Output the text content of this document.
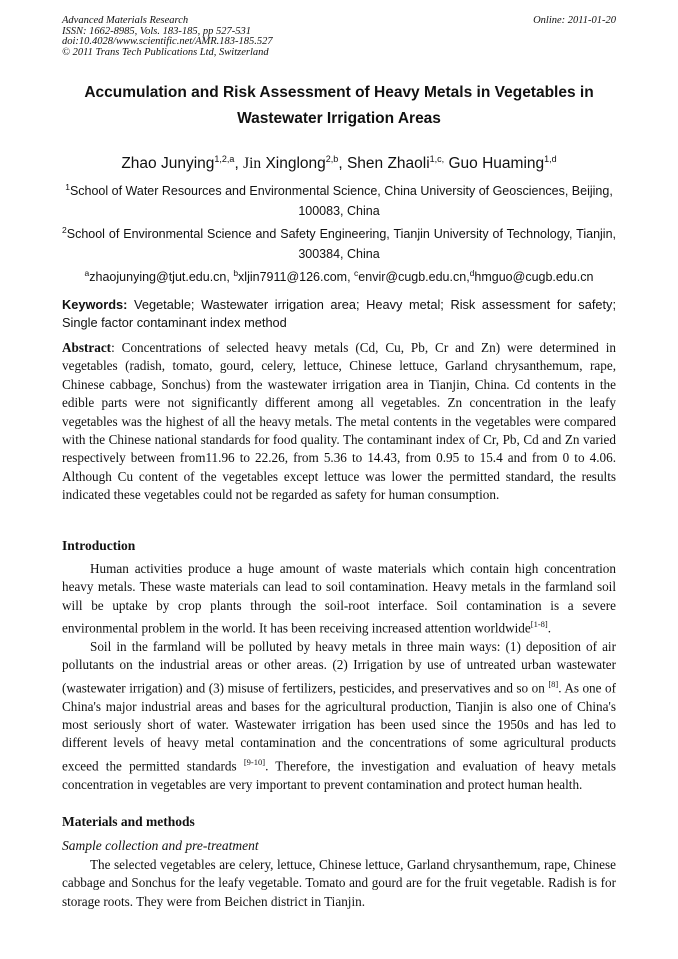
Advanced Materials Research
ISSN: 1662-8985, Vols. 183-185, pp 527-531
doi:10.4028/www.scientific.net/AMR.183-185.527
© 2011 Trans Tech Publications Ltd, Switzerland
Online: 2011-01-20
Accumulation and Risk Assessment of Heavy Metals in Vegetables in Wastewater Irrigation Areas
Zhao Junying$^{1,2,a}$, Jin Xinglong$^{2,b}$, Shen Zhaoli$^{1,c,}$ Guo Huaming$^{1,d}$
$^1$School of Water Resources and Environmental Science, China University of Geosciences, Beijing, 100083, China
$^2$School of Environmental Science and Safety Engineering, Tianjin University of Technology, Tianjin, 300384, China
$^a$zhaojunying@tjut.edu.cn, $^b$xljin7911@126.com, $^c$envir@cugb.edu.cn,$^d$hmguo@cugb.edu.cn
Keywords: Vegetable; Wastewater irrigation area; Heavy metal; Risk assessment for safety; Single factor contaminant index method
Abstract: Concentrations of selected heavy metals (Cd, Cu, Pb, Cr and Zn) were determined in vegetables (radish, tomato, gourd, celery, lettuce, Chinese lettuce, Garland chrysanthemum, rape, Chinese cabbage, Sonchus) from the wastewater irrigation area in Tianjin, China. Cd contents in the edible parts were not significantly different among all vegetables. Zn concentration in the leafy vegetables was the highest of all the heavy metals. The metal contents in the vegetables were compared with the Chinese national standards for food quality. The contaminant index of Cr, Pb, Cd and Zn varied respectively between from11.96 to 22.26, from 5.36 to 14.43, from 0.95 to 15.4 and from 0 to 4.06. Although Cu content of the vegetables except lettuce was lower the permitted standard, the results indicated these vegetables could not be regarded as safety for human consumption.
Introduction

Human activities produce a huge amount of waste materials which contain high concentration heavy metals. These waste materials can lead to soil contamination. Heavy metals in the farmland soil will be uptake by crop plants through the soil-root interface. Soil contamination is a severe environmental problem in the world. It has been receiving increased attention worldwide[1-8].

Soil in the farmland will be polluted by heavy metals in three main ways: (1) deposition of air pollutants on the industrial areas or other areas. (2) Irrigation by use of untreated urban wastewater (wastewater irrigation) and (3) misuse of fertilizers, pesticides, and preservatives and so on [8]. As one of China's major industrial areas and bases for the agricultural production, Tianjin is also one of China's most seriously short of water. Wastewater irrigation has been used since the 1950s and has led to different levels of heavy metal contamination and the concentrations of some agricultural products exceed the permitted standards [9-10]. Therefore, the investigation and evaluation of heavy metals concentration in vegetables are very important to prevent contamination and protect human health.

Materials and methods
Sample collection and pre-treatment

The selected vegetables are celery, lettuce, Chinese lettuce, Garland chrysanthemum, rape, Chinese cabbage and Sonchus for the leafy vegetable. Tomato and gourd are for the fruit vegetable. Radish is for storage roots. They were from Beichen district in Tianjin.
